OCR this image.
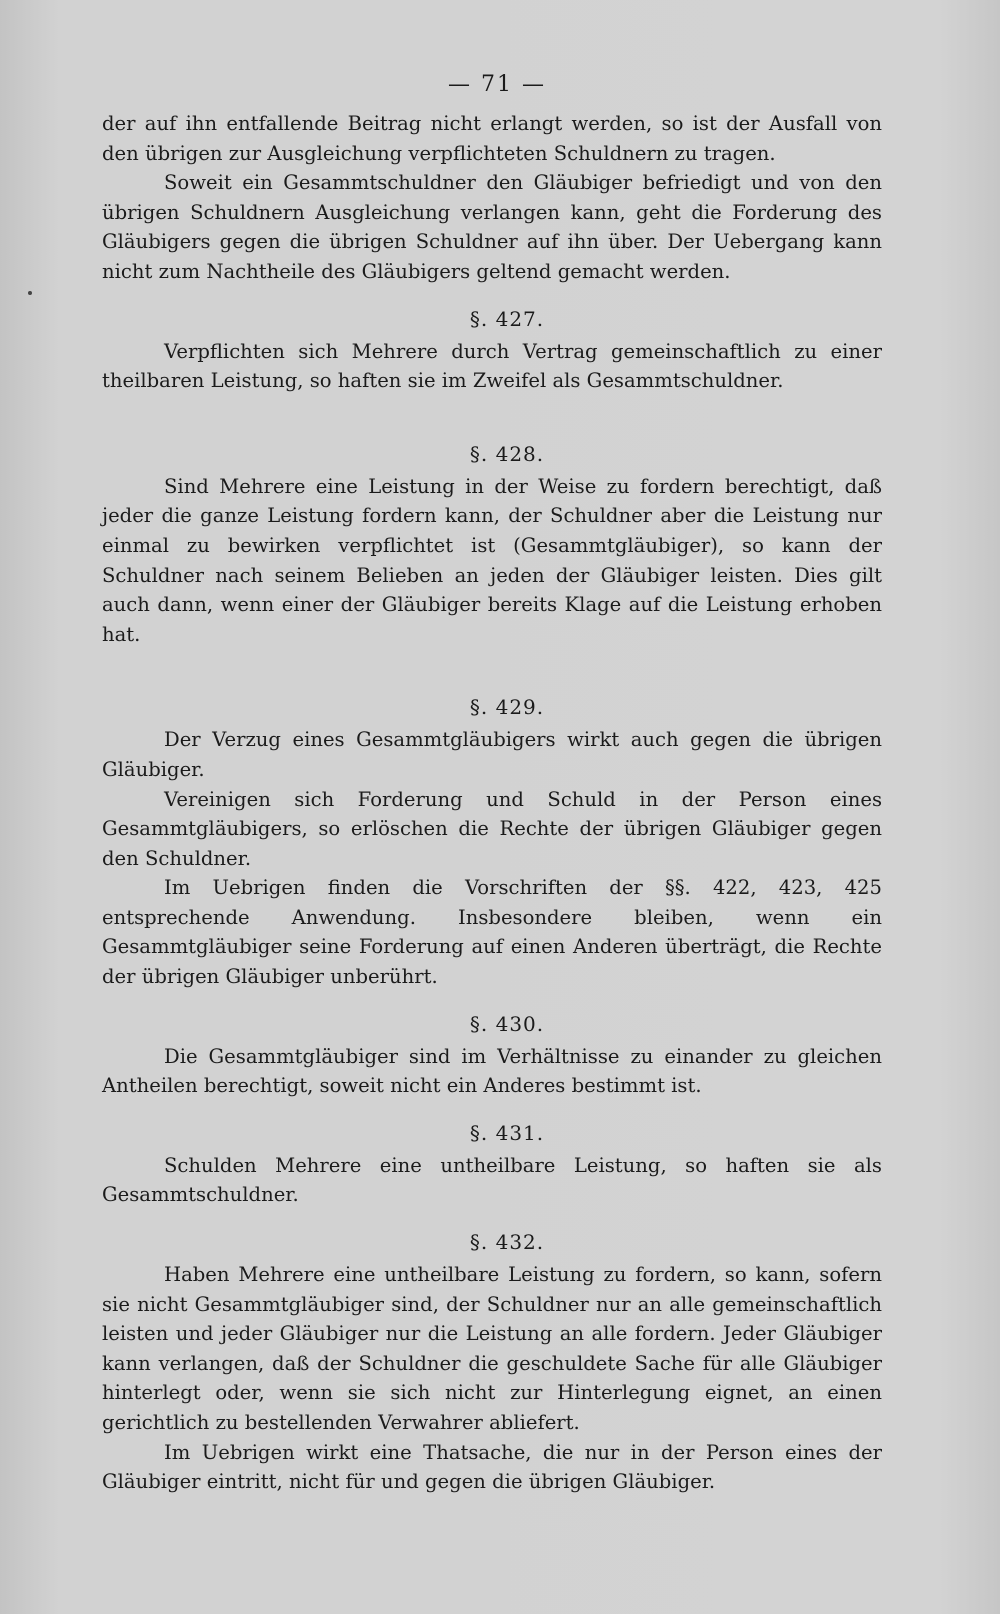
— 71 —

der auf ihn entfallende Beitrag nicht erlangt werden, so ist der Ausfall von den übrigen zur Ausgleichung verpflichteten Schuldnern zu tragen.

Soweit ein Gesammtschuldner den Gläubiger befriedigt und von den übrigen Schuldnern Ausgleichung verlangen kann, geht die Forderung des Gläubigers gegen die übrigen Schuldner auf ihn über. Der Uebergang kann nicht zum Nachtheile des Gläubigers geltend gemacht werden.

§. 427.

Verpflichten sich Mehrere durch Vertrag gemeinschaftlich zu einer theilbaren Leistung, so haften sie im Zweifel als Gesammtschuldner.

§. 428.

Sind Mehrere eine Leistung in der Weise zu fordern berechtigt, daß jeder die ganze Leistung fordern kann, der Schuldner aber die Leistung nur einmal zu bewirken verpflichtet ist (Gesammtgläubiger), so kann der Schuldner nach seinem Belieben an jeden der Gläubiger leisten. Dies gilt auch dann, wenn einer der Gläubiger bereits Klage auf die Leistung erhoben hat.

§. 429.

Der Verzug eines Gesammtgläubigers wirkt auch gegen die übrigen Gläubiger.

Vereinigen sich Forderung und Schuld in der Person eines Gesammtgläubigers, so erlöschen die Rechte der übrigen Gläubiger gegen den Schuldner.

Im Uebrigen finden die Vorschriften der §§. 422, 423, 425 entsprechende Anwendung. Insbesondere bleiben, wenn ein Gesammtgläubiger seine Forderung auf einen Anderen überträgt, die Rechte der übrigen Gläubiger unberührt.

§. 430.

Die Gesammtgläubiger sind im Verhältnisse zu einander zu gleichen Antheilen berechtigt, soweit nicht ein Anderes bestimmt ist.

§. 431.

Schulden Mehrere eine untheilbare Leistung, so haften sie als Gesammtschuldner.

§. 432.

Haben Mehrere eine untheilbare Leistung zu fordern, so kann, sofern sie nicht Gesammtgläubiger sind, der Schuldner nur an alle gemeinschaftlich leisten und jeder Gläubiger nur die Leistung an alle fordern. Jeder Gläubiger kann verlangen, daß der Schuldner die geschuldete Sache für alle Gläubiger hinterlegt oder, wenn sie sich nicht zur Hinterlegung eignet, an einen gerichtlich zu bestellenden Verwahrer abliefert.

Im Uebrigen wirkt eine Thatsache, die nur in der Person eines der Gläubiger eintritt, nicht für und gegen die übrigen Gläubiger.
